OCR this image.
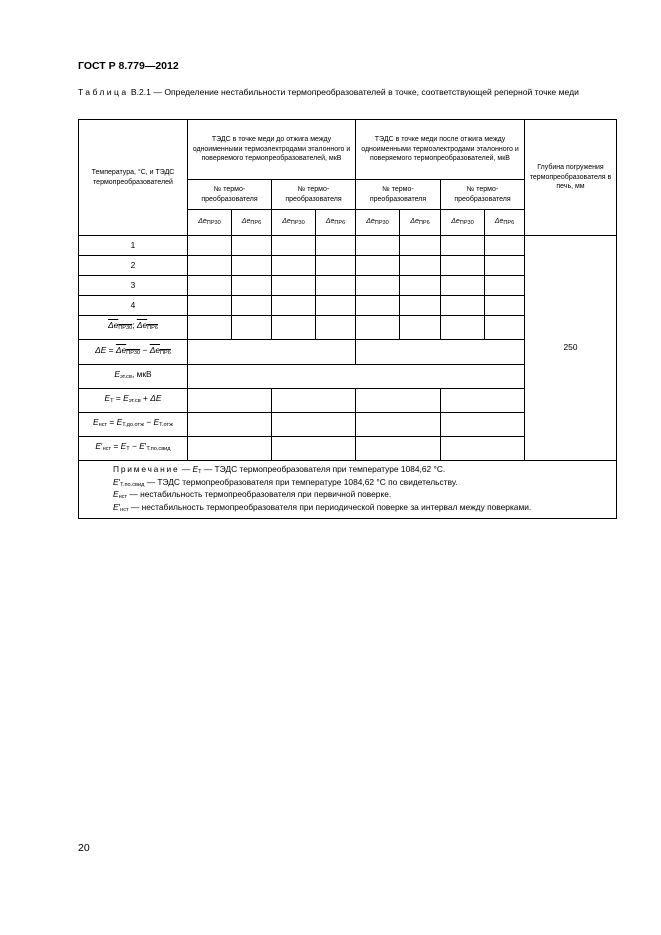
ГОСТ Р 8.779—2012
Таблица В.2.1 — Определение нестабильности термопреобразователей в точке, соответствующей реперной точке меди
Температура, °С, и ТЭДС термопреобразователей	ТЭДС в точке меди до отжига между одноименными термоэлектродами эталонного и поверяемого термопреобразователей, мкВ				ТЭДС в точке меди после отжига между одноименными термоэлектродами эталонного и поверяемого термопреобразователей, мкВ				Глубина погружения термопреобразователя в печь, мм
	№ термопреобразователя		№ термопреобразователя		№ термопреобразователя		№ термопреобразователя		
	ΔeПР30	ΔeПР6	ΔeПР30	ΔeПР6	ΔeПР30	ΔeПР6	ΔeПР30	ΔeПР6	
1									250
2									
3									
4									
ΔeПР30; ΔeПР6									
ΔE = ΔeПР30 − ΔeПР6									
Eэт.св, мкВ									
EТ = Eэт.св + ΔE									
Eнст = EТ.до.отж − EТ.отж									
E′нст = EТ − E′Т.по.свид									

Примечание — EТ — ТЭДС термопреобразователя при температуре 1084,62 °С.
E′Т.по.свид — ТЭДС термопреобразователя при температуре 1084,62 °С по свидетельству.
Eнст — нестабильность термопреобразователя при первичной поверке.
E′нст — нестабильность термопреобразователя при периодической поверке за интервал между поверками.									
20
